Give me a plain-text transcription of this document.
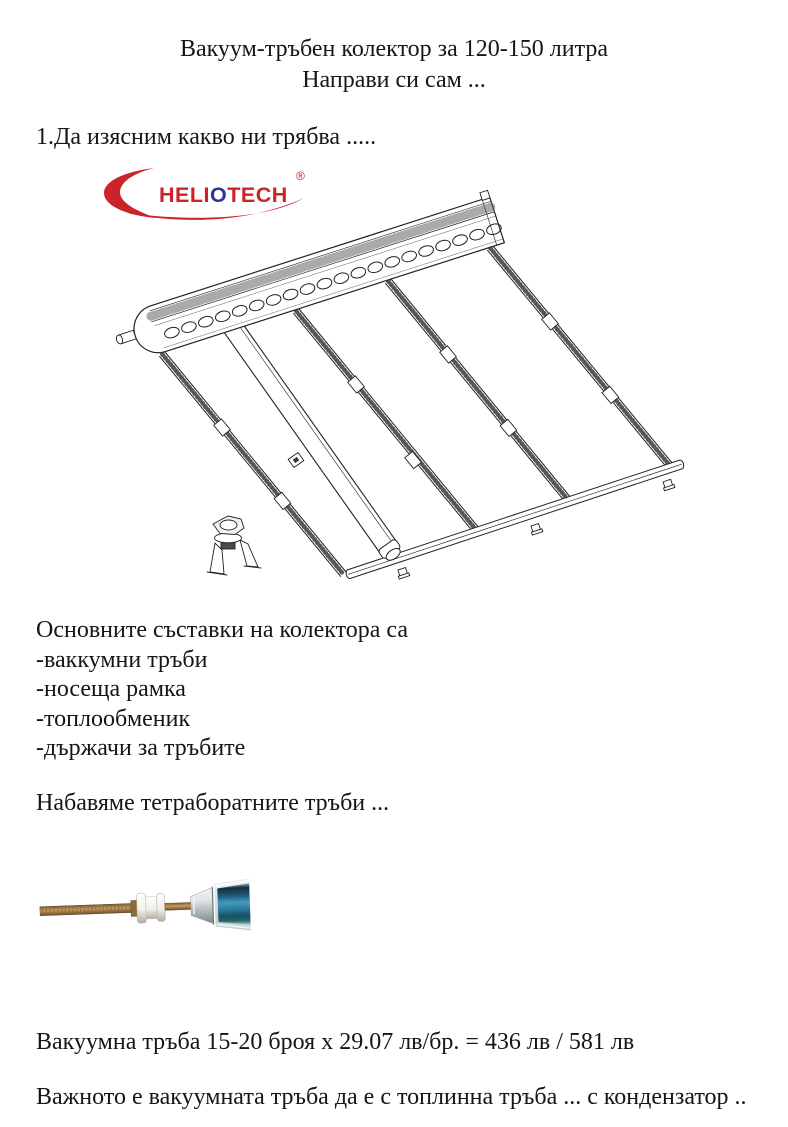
Вакуум-тръбен колектор за 120-150 литра
Направи си сам ...
1.Да изясним какво ни трябва .....
HELIOTECH
®
Основните съставки на колектора са
-ваккумни тръби
-носеща рамка
-топлообменик
-държачи за тръбите
Набавяме тетраборатните тръби ...
Вакуумна тръба 15-20 броя x 29.07 лв/бр. = 436 лв / 581 лв
Важното е вакуумната тръба да е с топлинна тръба ... с кондензатор ..
